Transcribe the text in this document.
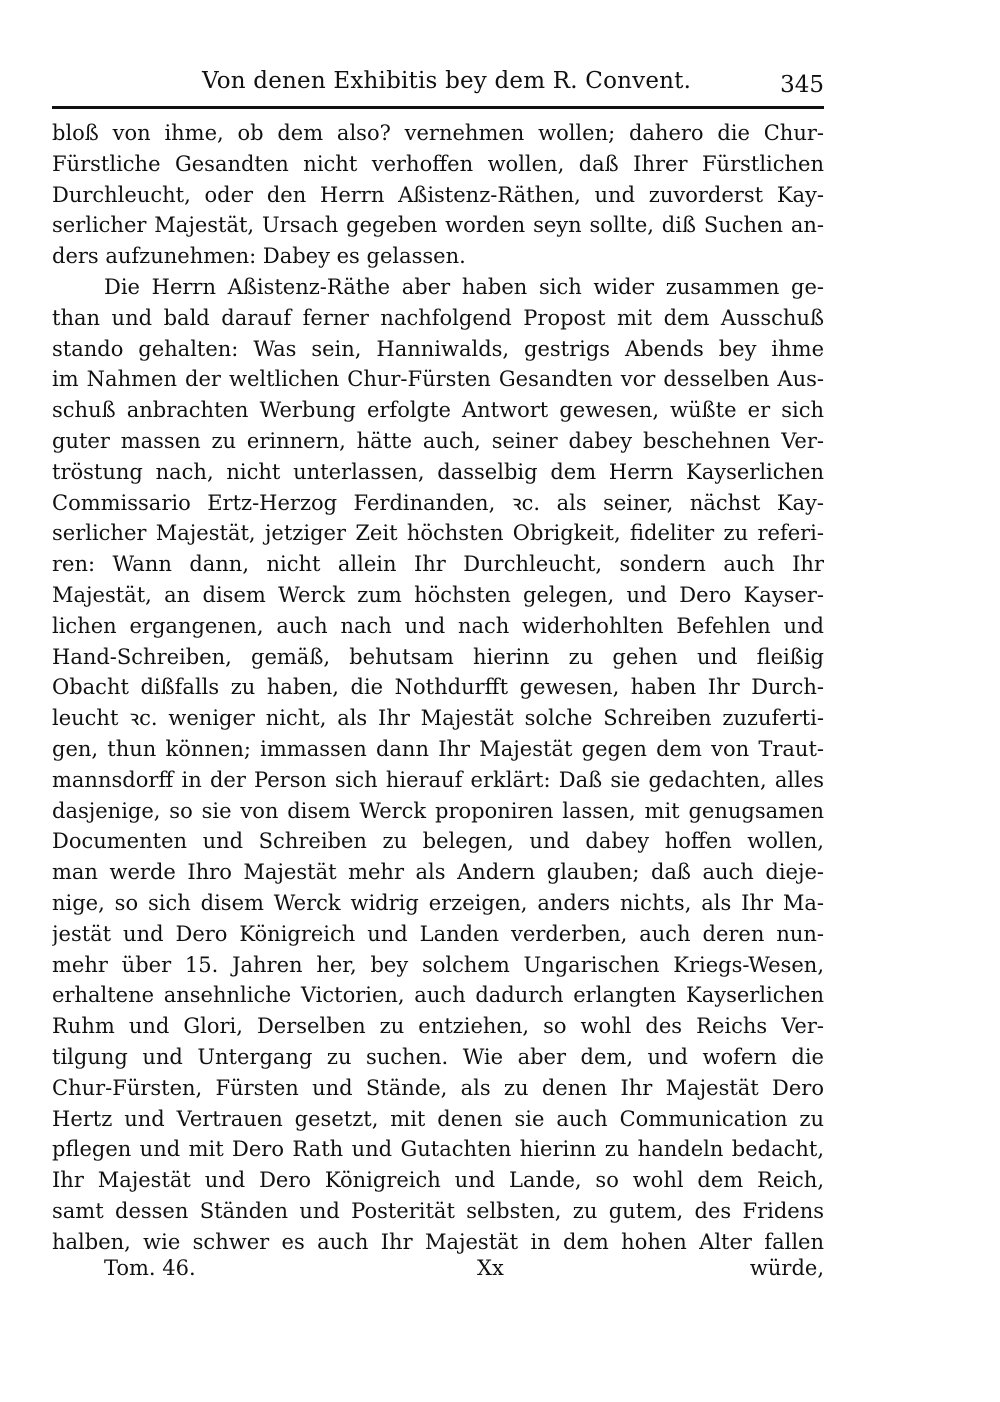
Von denen Exhibitis bey dem R. Convent.	345
bloß von ihme, ob dem also? vernehmen wollen; dahero die Chur-
Fürstliche Gesandten nicht verhoffen wollen, daß Ihrer Fürstlichen
Durchleucht, oder den Herrn Aßistenz-Räthen, und zuvorderst Kay-
serlicher Majestät, Ursach gegeben worden seyn sollte, diß Suchen an-
ders aufzunehmen: Dabey es gelassen.
Die Herrn Aßistenz-Räthe aber haben sich wider zusammen ge-
than und bald darauf ferner nachfolgend Propost mit dem Ausschuß
stando gehalten: Was sein, Hanniwalds, gestrigs Abends bey ihme
im Nahmen der weltlichen Chur-Fürsten Gesandten vor desselben Aus-
schuß anbrachten Werbung erfolgte Antwort gewesen, wüßte er sich
guter massen zu erinnern, hätte auch, seiner dabey beschehnen Ver-
tröstung nach, nicht unterlassen, dasselbig dem Herrn Kayserlichen
Commissario Ertz-Herzog Ferdinanden, ꝛc. als seiner, nächst Kay-
serlicher Majestät, jetziger Zeit höchsten Obrigkeit, fideliter zu referi-
ren: Wann dann, nicht allein Ihr Durchleucht, sondern auch Ihr
Majestät, an disem Werck zum höchsten gelegen, und Dero Kayser-
lichen ergangenen, auch nach und nach widerhohlten Befehlen und
Hand-Schreiben, gemäß, behutsam hierinn zu gehen und fleißig
Obacht dißfalls zu haben, die Nothdurfft gewesen, haben Ihr Durch-
leucht ꝛc. weniger nicht, als Ihr Majestät solche Schreiben zuzuferti-
gen, thun können; immassen dann Ihr Majestät gegen dem von Traut-
mannsdorff in der Person sich hierauf erklärt: Daß sie gedachten, alles
dasjenige, so sie von disem Werck proponiren lassen, mit genugsamen
Documenten und Schreiben zu belegen, und dabey hoffen wollen,
man werde Ihro Majestät mehr als Andern glauben; daß auch dieje-
nige, so sich disem Werck widrig erzeigen, anders nichts, als Ihr Ma-
jestät und Dero Königreich und Landen verderben, auch deren nun-
mehr über 15. Jahren her, bey solchem Ungarischen Kriegs-Wesen,
erhaltene ansehnliche Victorien, auch dadurch erlangten Kayserlichen
Ruhm und Glori, Derselben zu entziehen, so wohl des Reichs Ver-
tilgung und Untergang zu suchen. Wie aber dem, und wofern die
Chur-Fürsten, Fürsten und Stände, als zu denen Ihr Majestät Dero
Hertz und Vertrauen gesetzt, mit denen sie auch Communication zu
pflegen und mit Dero Rath und Gutachten hierinn zu handeln bedacht,
Ihr Majestät und Dero Königreich und Lande, so wohl dem Reich,
samt dessen Ständen und Posterität selbsten, zu gutem, des Fridens
halben, wie schwer es auch Ihr Majestät in dem hohen Alter fallen
Tom. 46.	Xx	würde,
